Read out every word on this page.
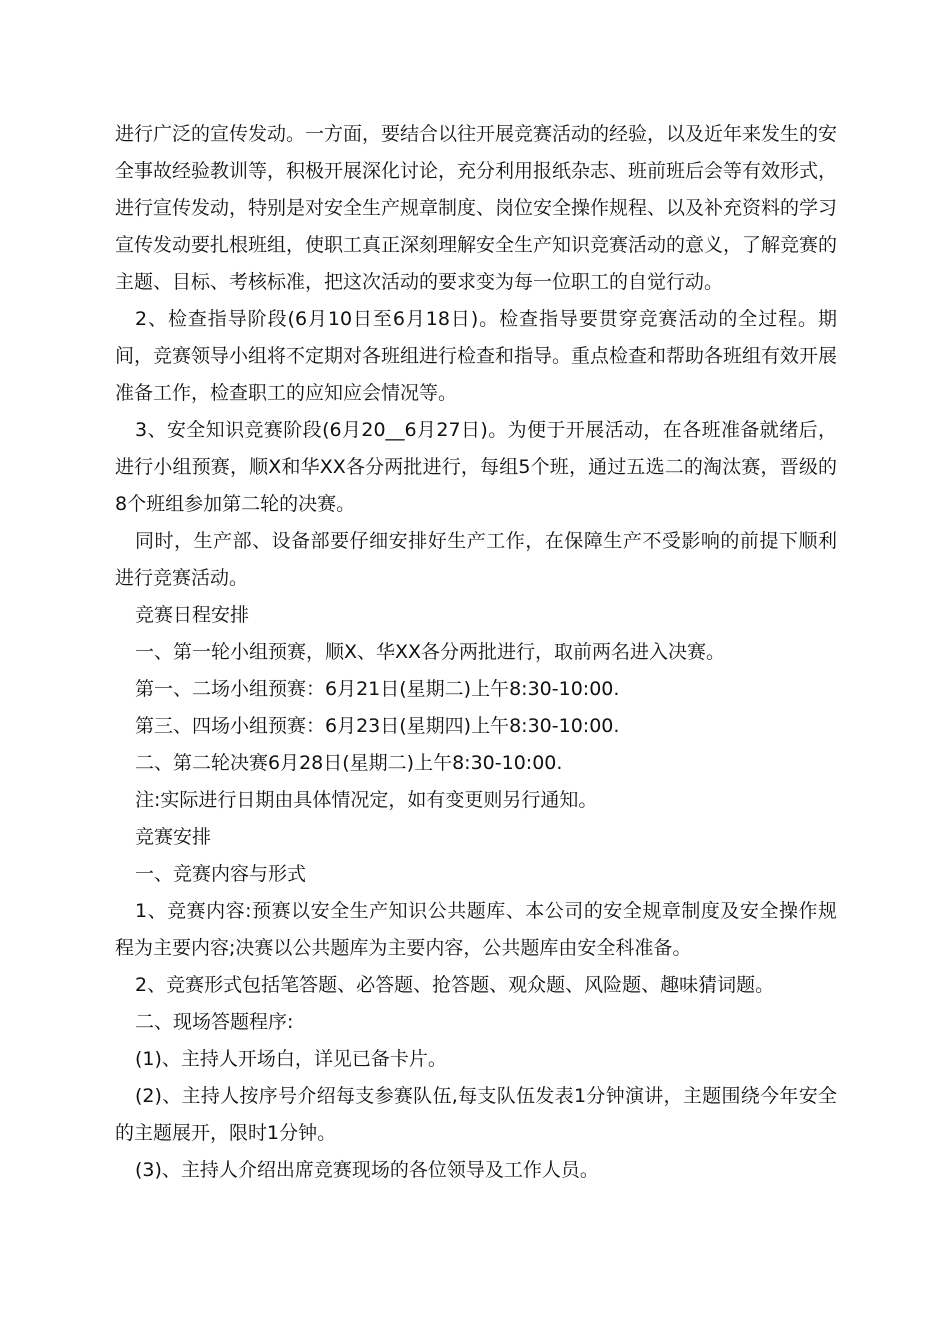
进行广泛的宣传发动。一方面，要结合以往开展竞赛活动的经验，以及近年来发生的安全事故经验教训等，积极开展深化讨论，充分利用报纸杂志、班前班后会等有效形式，进行宣传发动，特别是对安全生产规章制度、岗位安全操作规程、以及补充资料的学习宣传发动要扎根班组，使职工真正深刻理解安全生产知识竞赛活动的意义，了解竞赛的主题、目标、考核标准，把这次活动的要求变为每一位职工的自觉行动。

2、检查指导阶段(6月10日至6月18日)。检查指导要贯穿竞赛活动的全过程。期间，竞赛领导小组将不定期对各班组进行检查和指导。重点检查和帮助各班组有效开展准备工作，检查职工的应知应会情况等。

3、安全知识竞赛阶段(6月20__6月27日)。为便于开展活动，在各班准备就绪后，进行小组预赛，顺X和华XX各分两批进行，每组5个班，通过五选二的淘汰赛，晋级的8个班组参加第二轮的决赛。

同时，生产部、设备部要仔细安排好生产工作，在保障生产不受影响的前提下顺利进行竞赛活动。

竞赛日程安排

一、第一轮小组预赛，顺X、华XX各分两批进行，取前两名进入决赛。

第一、二场小组预赛：6月21日(星期二)上午8:30-10:00.

第三、四场小组预赛：6月23日(星期四)上午8:30-10:00.

二、第二轮决赛6月28日(星期二)上午8:30-10:00.

注:实际进行日期由具体情况定，如有变更则另行通知。

竞赛安排

一、竞赛内容与形式

1、竞赛内容:预赛以安全生产知识公共题库、本公司的安全规章制度及安全操作规程为主要内容;决赛以公共题库为主要内容，公共题库由安全科准备。

2、竞赛形式包括笔答题、必答题、抢答题、观众题、风险题、趣味猜词题。

二、现场答题程序:

(1)、主持人开场白，详见已备卡片。

(2)、主持人按序号介绍每支参赛队伍,每支队伍发表1分钟演讲，主题围绕今年安全的主题展开，限时1分钟。

(3)、主持人介绍出席竞赛现场的各位领导及工作人员。
